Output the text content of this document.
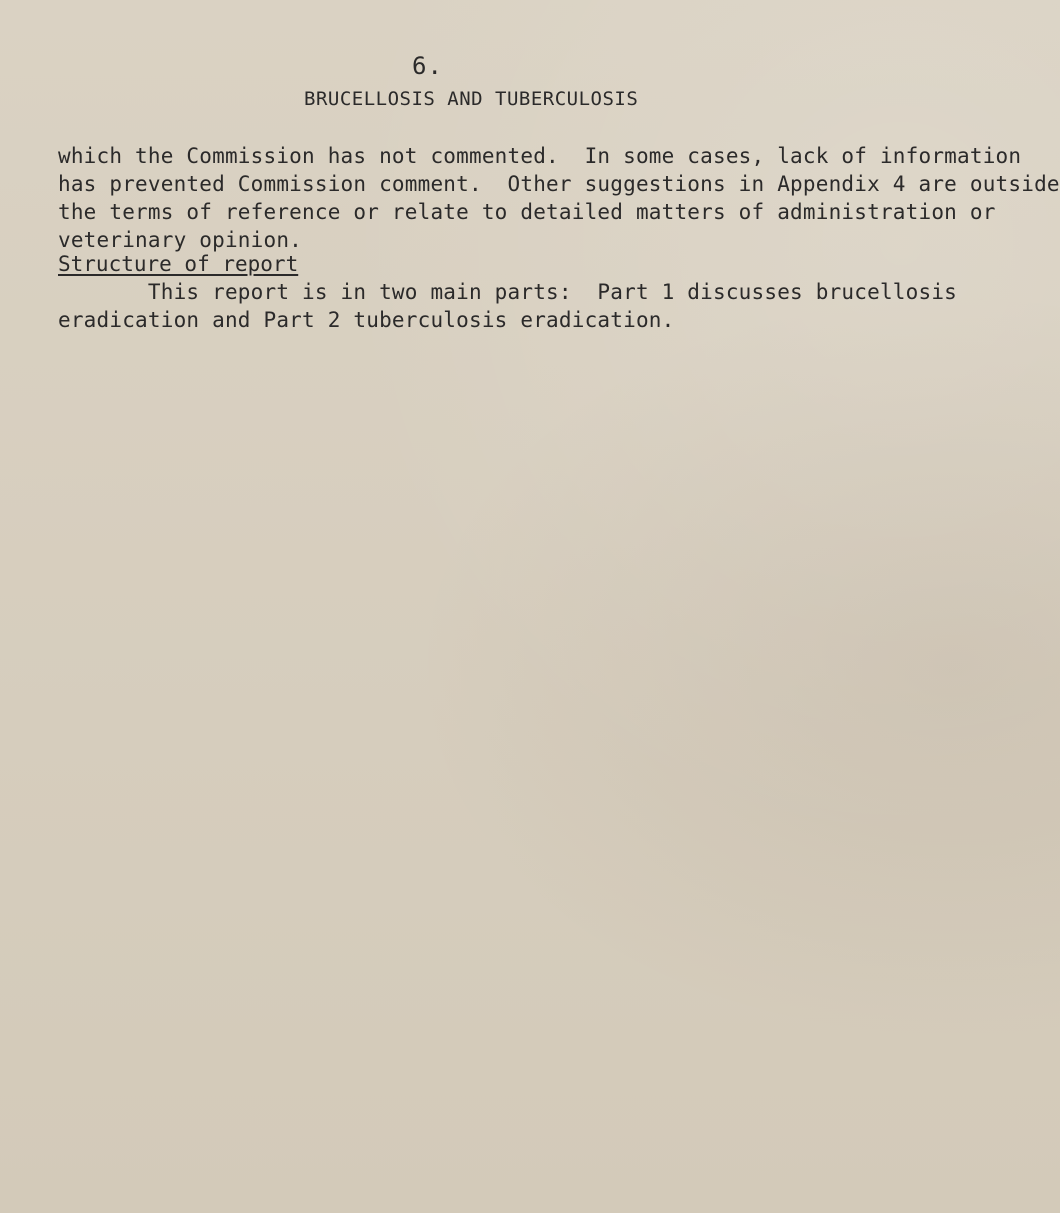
6.
BRUCELLOSIS AND TUBERCULOSIS
which the Commission has not commented.  In some cases, lack of information
has prevented Commission comment.  Other suggestions in Appendix 4 are outside
the terms of reference or relate to detailed matters of administration or
veterinary opinion.
Structure of report
This report is in two main parts:  Part 1 discusses brucellosis
eradication and Part 2 tuberculosis eradication.
